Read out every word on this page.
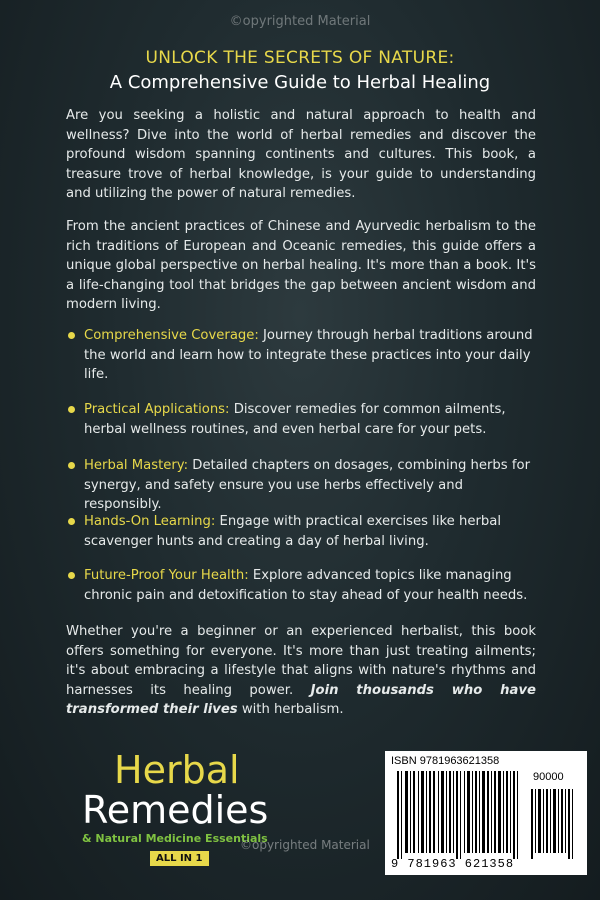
©opyrighted Material
UNLOCK THE SECRETS OF NATURE:
A Comprehensive Guide to Herbal Healing
Are you seeking a holistic and natural approach to health and wellness? Dive into the world of herbal remedies and discover the profound wisdom spanning continents and cultures. This book, a treasure trove of herbal knowledge, is your guide to understanding and utilizing the power of natural remedies.
From the ancient practices of Chinese and Ayurvedic herbalism to the rich traditions of European and Oceanic remedies, this guide offers a unique global perspective on herbal healing. It's more than a book. It's a life-changing tool that bridges the gap between ancient wisdom and modern living.
Comprehensive Coverage: Journey through herbal traditions around the world and learn how to integrate these practices into your daily life.
Practical Applications: Discover remedies for common ailments, herbal wellness routines, and even herbal care for your pets.
Herbal Mastery: Detailed chapters on dosages, combining herbs for synergy, and safety ensure you use herbs effectively and responsibly.
Hands-On Learning: Engage with practical exercises like herbal scavenger hunts and creating a day of herbal living.
Future-Proof Your Health: Explore advanced topics like managing chronic pain and detoxification to stay ahead of your health needs.
Whether you're a beginner or an experienced herbalist, this book offers something for everyone. It's more than just treating ailments; it's about embracing a lifestyle that aligns with nature's rhythms and harnesses its healing power. Join thousands who have transformed their lives with herbalism.
Herbal
Remedies
& Natural Medicine Essentials
ALL IN 1
ISBN 9781963621358
90000
9 781963 621358
©opyrighted Material
